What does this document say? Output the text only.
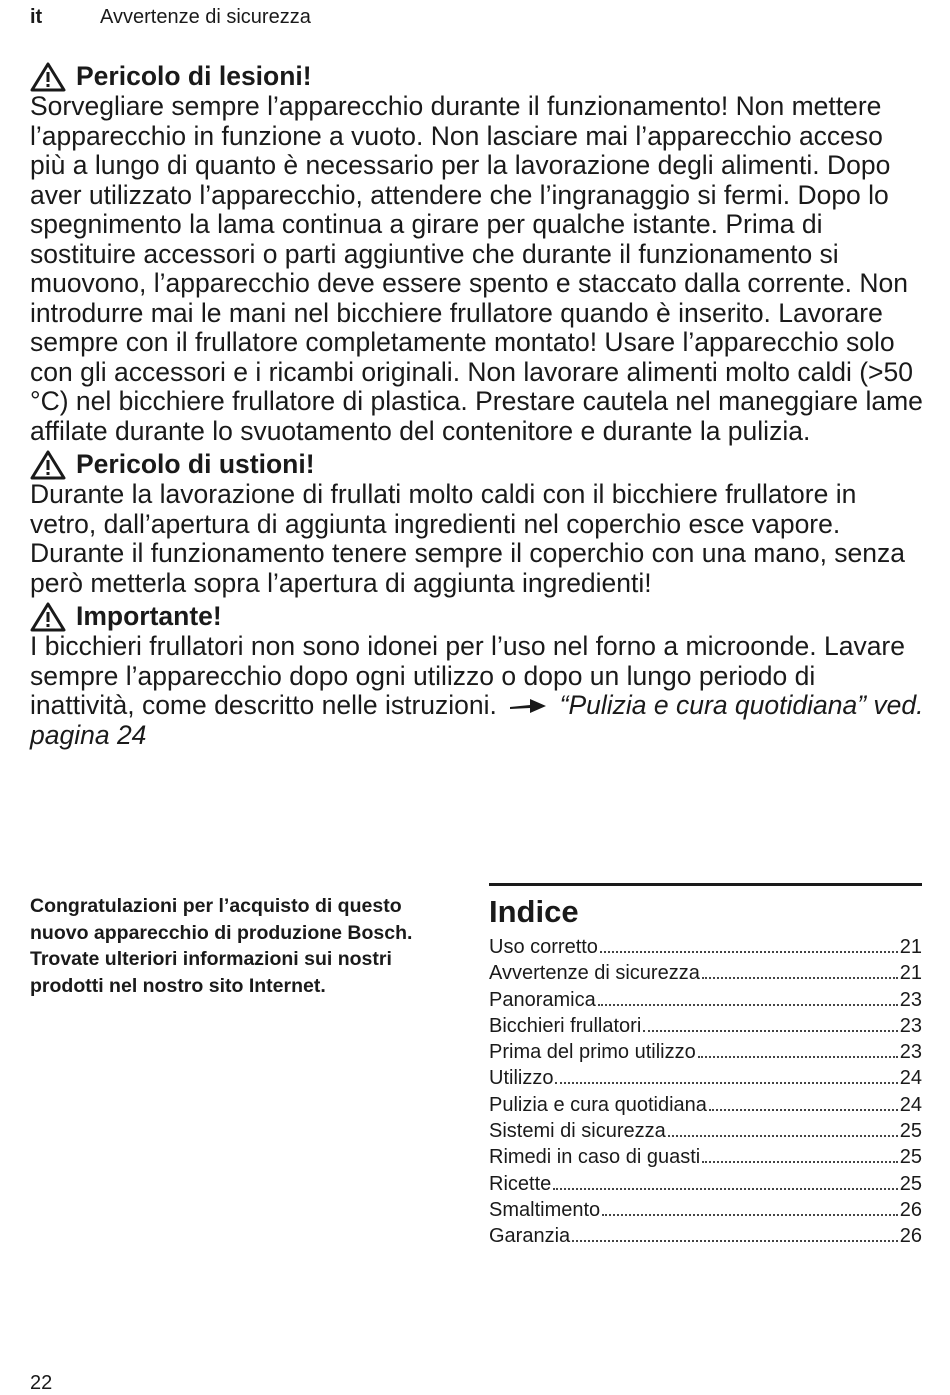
it	Avvertenze di sicurezza
Pericolo di lesioni!
Sorvegliare sempre l’apparecchio durante il funzionamento! Non mettere l’apparecchio in funzione a vuoto. Non lasciare mai l’apparecchio acceso più a lungo di quanto è necessario per la lavorazione degli alimenti. Dopo aver utilizzato l’apparecchio, attendere che l’ingranaggio si fermi. Dopo lo spegnimento la lama continua a girare per qualche istante. Prima di sostituire accessori o parti aggiuntive che durante il funzionamento si muovono, l’apparecchio deve essere spento e staccato dalla corrente. Non introdurre mai le mani nel bicchiere frullatore quando è inserito. Lavorare sempre con il frullatore completamente montato! Usare l’apparecchio solo con gli accessori e i ricambi originali. Non lavorare alimenti molto caldi (>50 °C) nel bicchiere frullatore di plastica. Prestare cautela nel maneggiare lame affilate durante lo svuotamento del contenitore e durante la pulizia.
Pericolo di ustioni!
Durante la lavorazione di frullati molto caldi con il bicchiere frullatore in vetro, dall’apertura di aggiunta ingredienti nel coperchio esce vapore. Durante il funzionamento tenere sempre il coperchio con una mano, senza però metterla sopra l’apertura di aggiunta ingredienti!
Importante!
I bicchieri frullatori non sono idonei per l’uso nel forno a microonde. Lavare sempre l’apparecchio dopo ogni utilizzo o dopo un lungo periodo di inattività, come descritto nelle istruzioni. “Pulizia e cura quotidiana” ved. pagina 24
Congratulazioni per l’acquisto di questo nuovo apparecchio di produzione Bosch. Trovate ulteriori informazioni sui nostri prodotti nel nostro sito Internet.
Indice
Uso corretto	21
Avvertenze di sicurezza	21
Panoramica	23
Bicchieri frullatori	23
Prima del primo utilizzo	23
Utilizzo	24
Pulizia e cura quotidiana	24
Sistemi di sicurezza	25
Rimedi in caso di guasti	25
Ricette	25
Smaltimento	26
Garanzia	26
22
